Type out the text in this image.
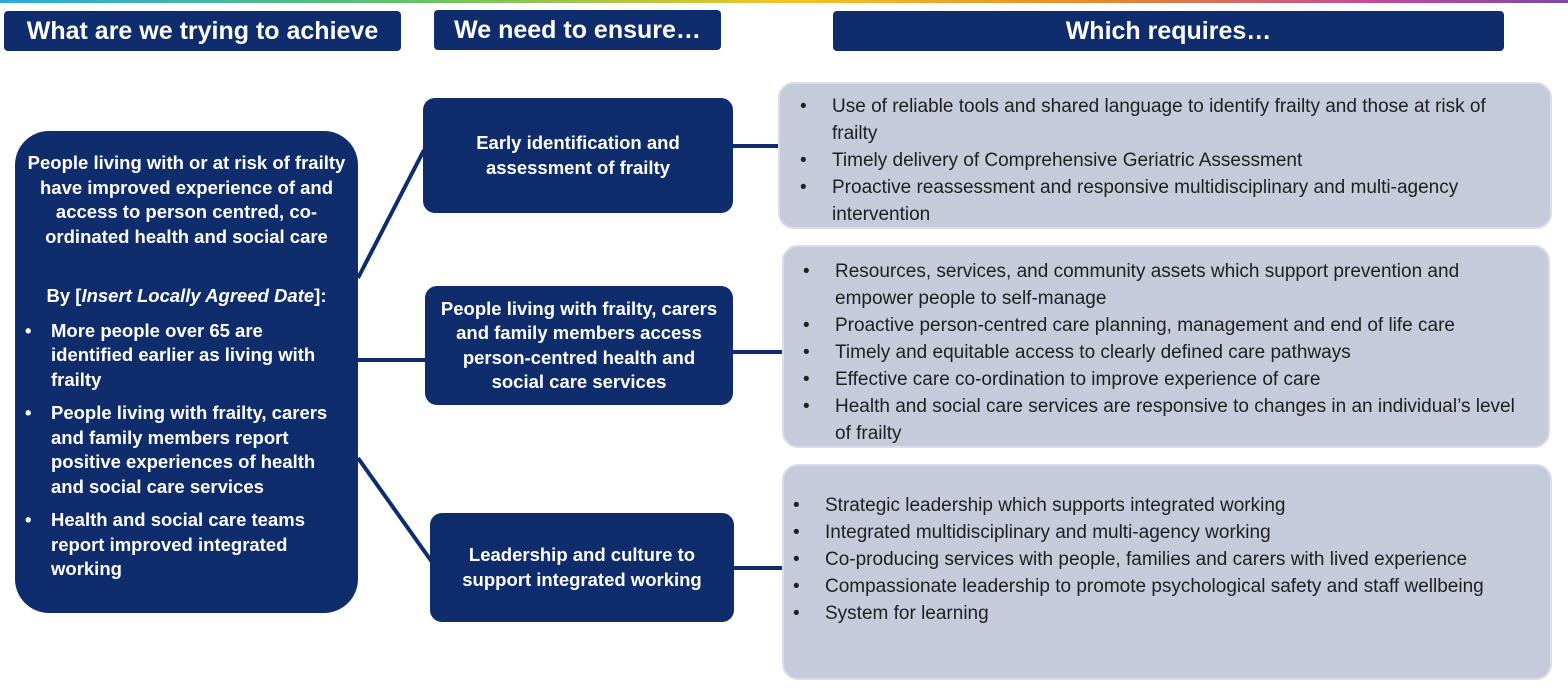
What are we trying to achieve	We need to ensure…	Which requires…

People living with or at risk of frailty have improved experience of and access to person centred, co-ordinated health and social care

By [Insert Locally Agreed Date]:

• More people over 65 are identified earlier as living with frailty
• People living with frailty, carers and family members report positive experiences of health and social care services
• Health and social care teams report improved integrated working
Early identification and assessment of frailty
People living with frailty, carers and family members access person-centred health and social care services
Leadership and culture to support integrated working
• Use of reliable tools and shared language to identify frailty and those at risk of frailty
• Timely delivery of Comprehensive Geriatric Assessment
• Proactive reassessment and responsive multidisciplinary and multi-agency intervention
• Resources, services, and community assets which support prevention and empower people to self-manage
• Proactive person-centred care planning, management and end of life care
• Timely and equitable access to clearly defined care pathways
• Effective care co-ordination to improve experience of care
• Health and social care services are responsive to changes in an individual’s level of frailty
• Strategic leadership which supports integrated working
• Integrated multidisciplinary and multi-agency working
• Co-producing services with people, families and carers with lived experience
• Compassionate leadership to promote psychological safety and staff wellbeing
• System for learning
